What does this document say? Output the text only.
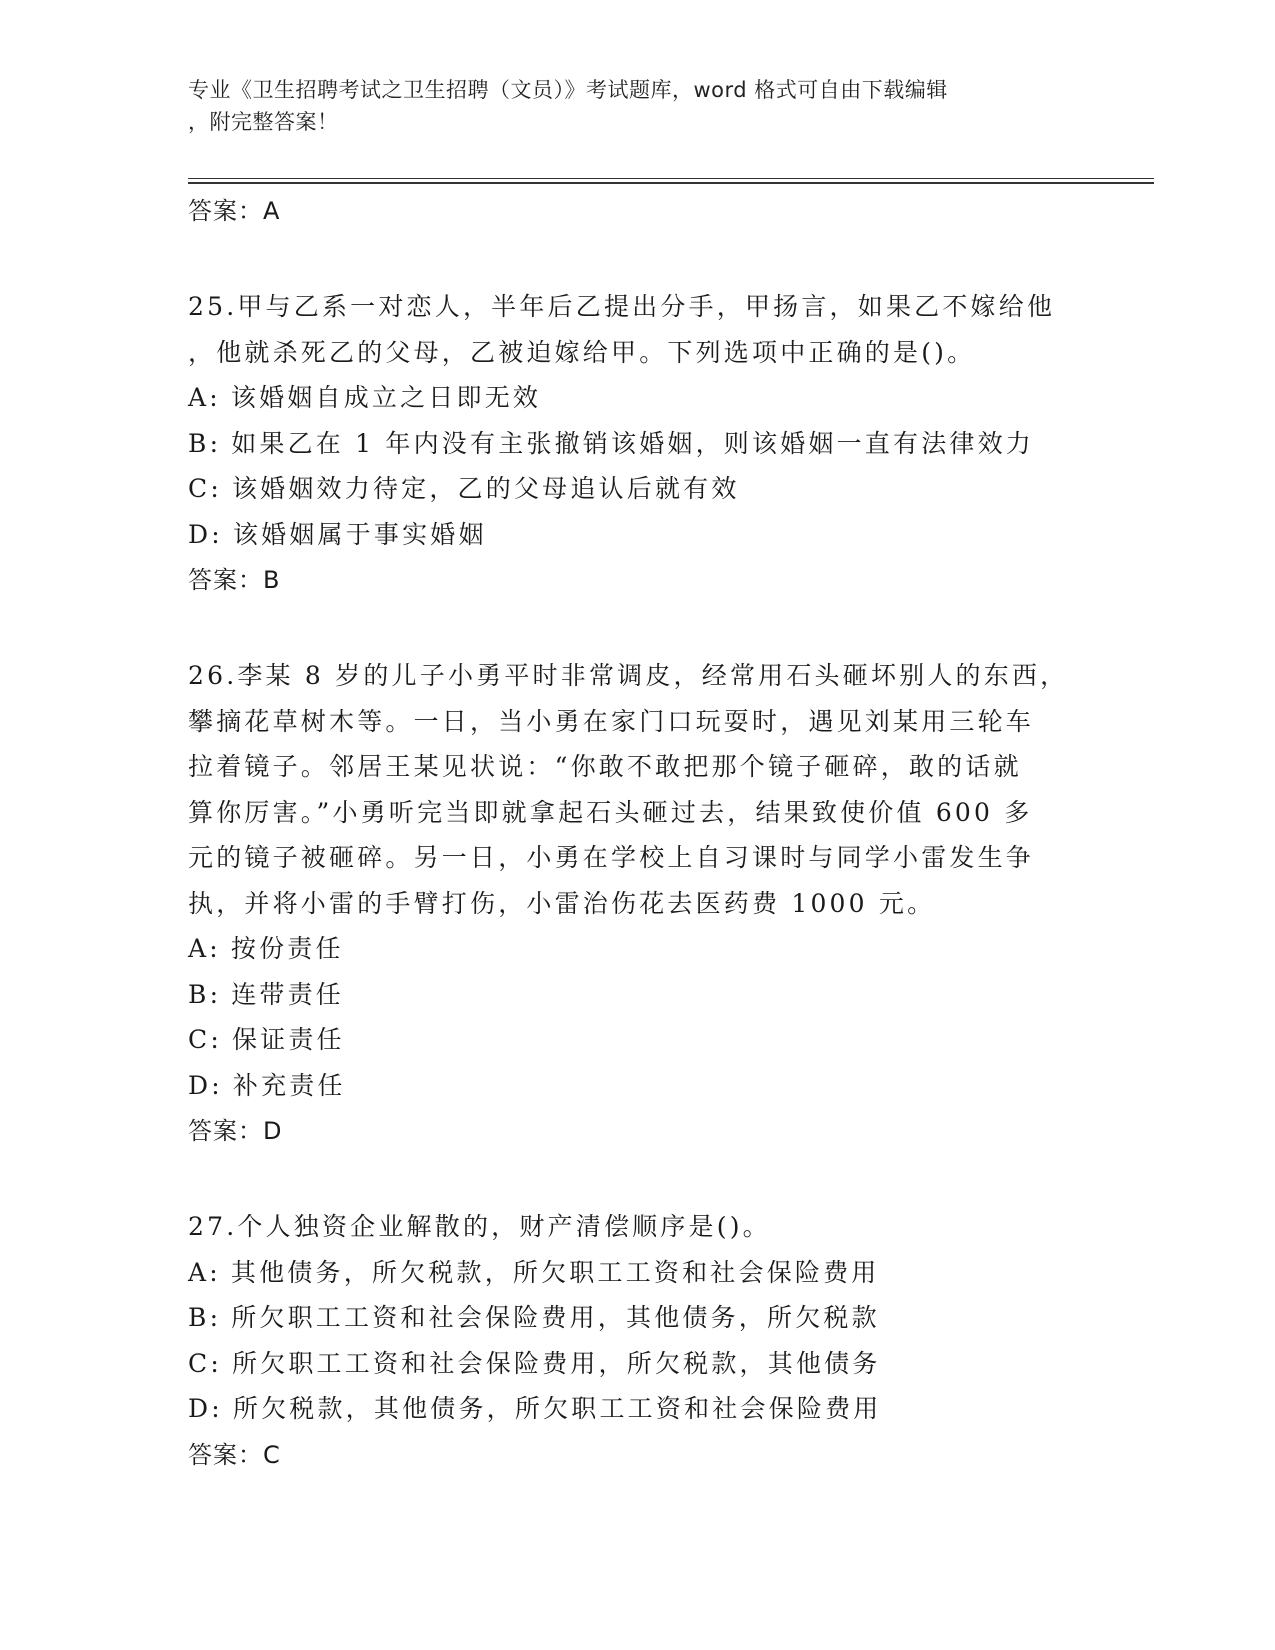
专业《卫生招聘考试之卫生招聘（文员）》考试题库，word 格式可自由下载编辑
，附完整答案！
答案：A
25.甲与乙系一对恋人，半年后乙提出分手，甲扬言，如果乙不嫁给他
，他就杀死乙的父母，乙被迫嫁给甲。下列选项中正确的是()。
A: 该婚姻自成立之日即无效
B: 如果乙在 1 年内没有主张撤销该婚姻，则该婚姻一直有法律效力
C: 该婚姻效力待定，乙的父母追认后就有效
D: 该婚姻属于事实婚姻
答案：B
26.李某 8 岁的儿子小勇平时非常调皮，经常用石头砸坏别人的东西，
攀摘花草树木等。一日，当小勇在家门口玩耍时，遇见刘某用三轮车
拉着镜子。邻居王某见状说：“你敢不敢把那个镜子砸碎，敢的话就
算你厉害。”小勇听完当即就拿起石头砸过去，结果致使价值 600 多
元的镜子被砸碎。另一日，小勇在学校上自习课时与同学小雷发生争
执，并将小雷的手臂打伤，小雷治伤花去医药费 1000 元。
A: 按份责任
B: 连带责任
C: 保证责任
D: 补充责任
答案：D
27.个人独资企业解散的，财产清偿顺序是()。
A: 其他债务，所欠税款，所欠职工工资和社会保险费用
B: 所欠职工工资和社会保险费用，其他债务，所欠税款
C: 所欠职工工资和社会保险费用，所欠税款，其他债务
D: 所欠税款，其他债务，所欠职工工资和社会保险费用
答案：C
